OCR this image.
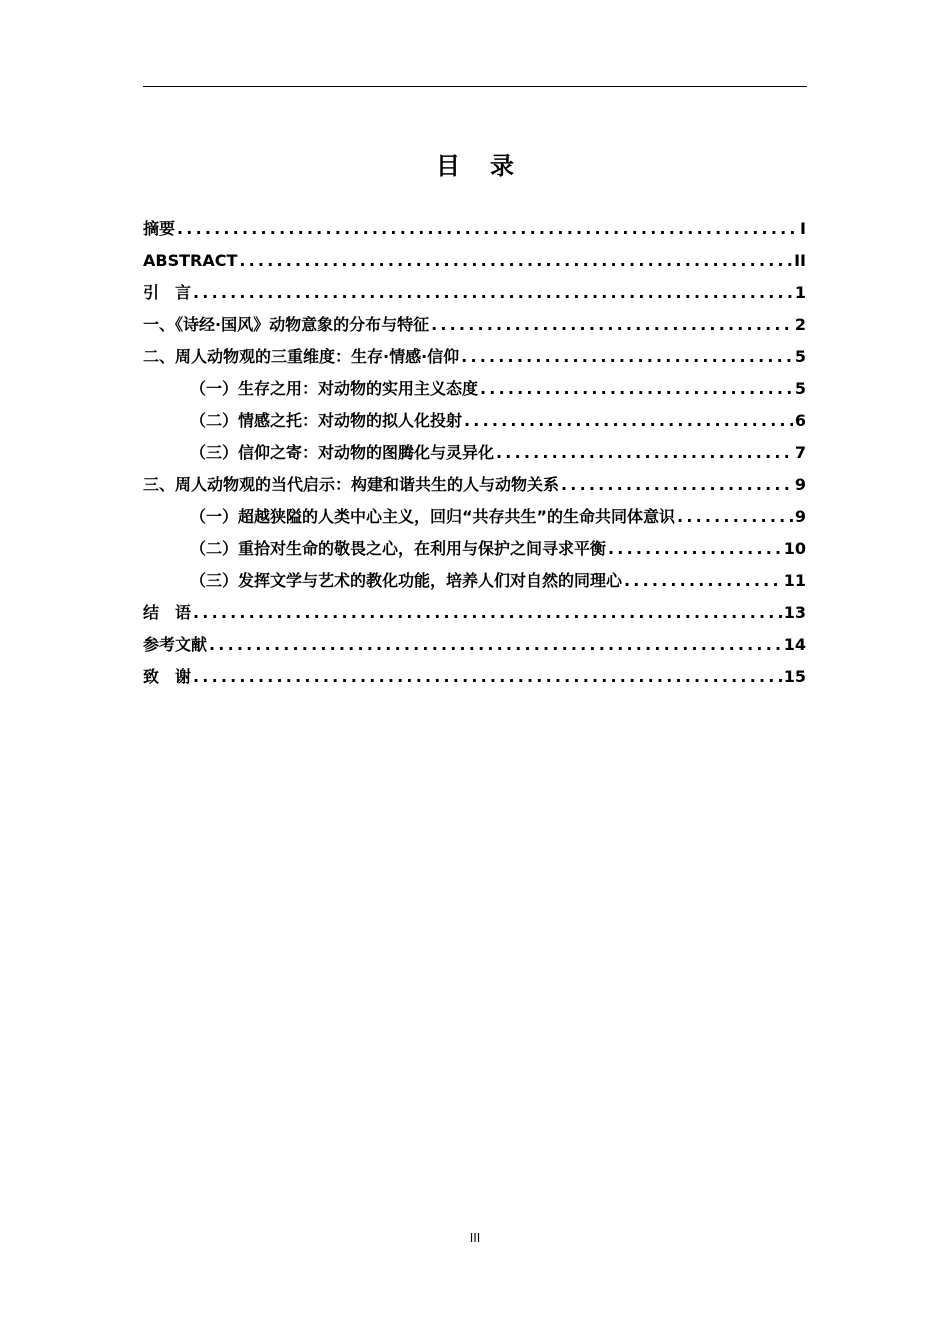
目 录
摘要 .....	I
ABSTRACT .....	II
引　言 .....	1
一、《诗经·国风》动物意象的分布与特征 .....	2
二、周人动物观的三重维度：生存·情感·信仰 .....	5
（一）生存之用：对动物的实用主义态度 .....	5
（二）情感之托：对动物的拟人化投射 .....	6
（三）信仰之寄：对动物的图腾化与灵异化 .....	7
三、周人动物观的当代启示：构建和谐共生的人与动物关系 .....	9
（一）超越狭隘的人类中心主义，回归“共存共生”的生命共同体意识 .....	9
（二）重拾对生命的敬畏之心，在利用与保护之间寻求平衡 .....	10
（三）发挥文学与艺术的教化功能，培养人们对自然的同理心 .....	11
结　语 .....	13
参考文献 .....	14
致　谢 .....	15
III
